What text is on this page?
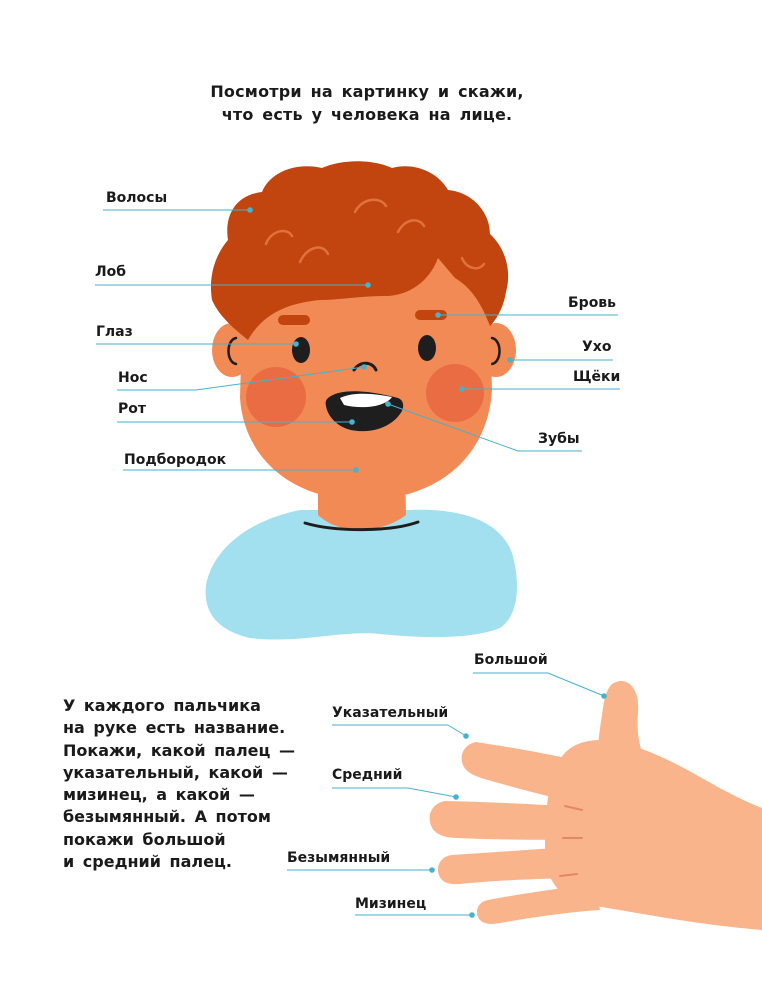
Посмотри на картинку и скажи,
что есть у человека на лице.
Волосы
Лоб
Глаз
Нос
Рот
Подбородок
Бровь
Ухо
Щёки
Зубы
У каждого пальчика
на руке есть название.
Покажи, какой палец —
указательный, какой —
мизинец, а какой —
безымянный. А потом
покажи большой
и средний палец.
Большой
Указательный
Средний
Безымянный
Мизинец
